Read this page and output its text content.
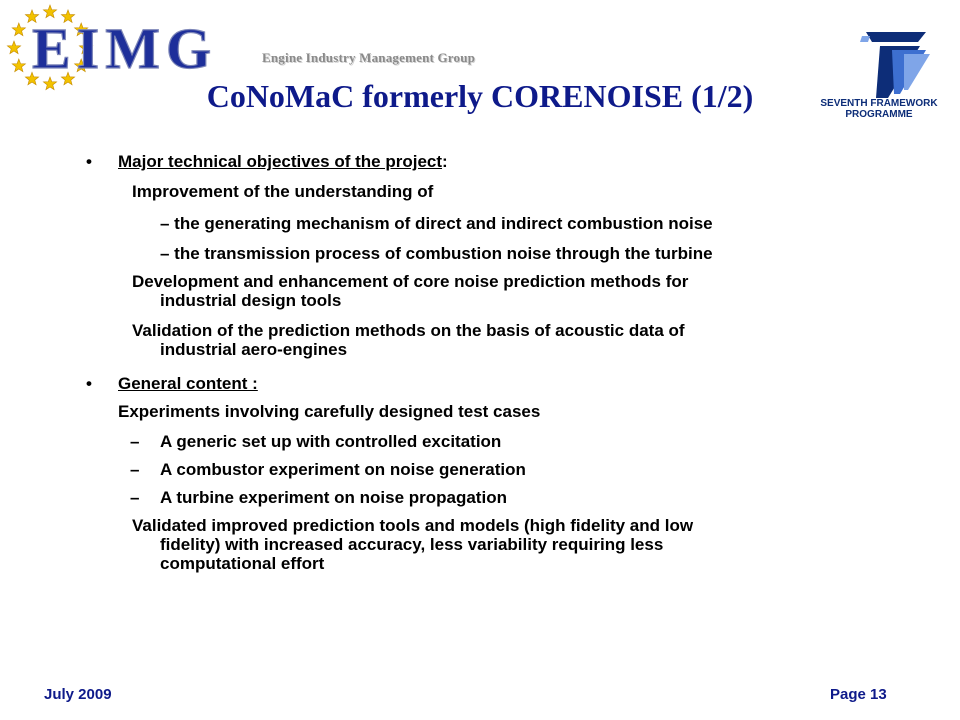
EIMG	Engine Industry Management Group
SEVENTH FRAMEWORK
PROGRAMME
CoNoMaC formerly CORENOISE (1/2)
• Major technical objectives of the project:
Improvement of the understanding of
– the generating mechanism of direct and indirect combustion noise
– the transmission process of combustion noise through the turbine
Development and enhancement of core noise prediction methods for
industrial design tools
Validation of the prediction methods on the basis of acoustic data of
industrial aero-engines
• General content :
Experiments involving carefully designed test cases
– A generic set up with controlled excitation
– A combustor experiment on noise generation
– A turbine experiment on noise propagation
Validated improved prediction tools and models (high fidelity and low
fidelity) with increased accuracy, less variability requiring less
computational effort
July 2009	Page 13
